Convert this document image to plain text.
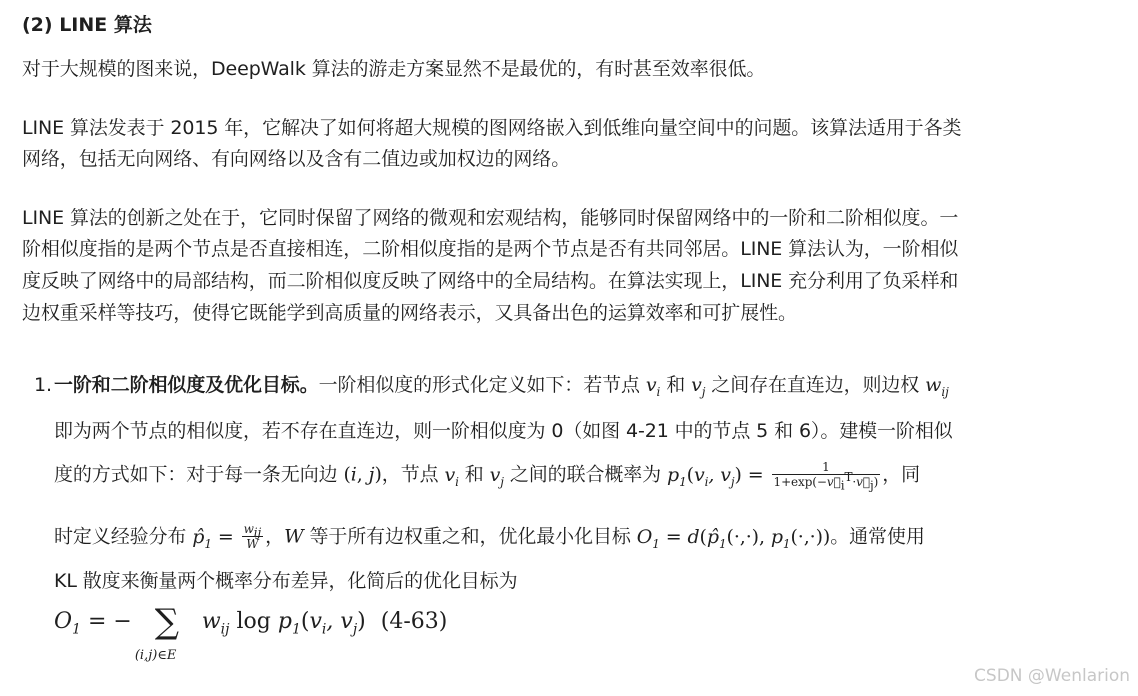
(2) LINE 算法
对于大规模的图来说，DeepWalk 算法的游走方案显然不是最优的，有时甚至效率很低。
LINE 算法发表于 2015 年，它解决了如何将超大规模的图网络嵌入到低维向量空间中的问题。该算法适用于各类
网络，包括无向网络、有向网络以及含有二值边或加权边的网络。
LINE 算法的创新之处在于，它同时保留了网络的微观和宏观结构，能够同时保留网络中的一阶和二阶相似度。一
阶相似度指的是两个节点是否直接相连，二阶相似度指的是两个节点是否有共同邻居。LINE 算法认为，一阶相似
度反映了网络中的局部结构，而二阶相似度反映了网络中的全局结构。在算法实现上，LINE 充分利用了负采样和
边权重采样等技巧，使得它既能学到高质量的网络表示，又具备出色的运算效率和可扩展性。
1. 一阶和二阶相似度及优化目标。一阶相似度的形式化定义如下：若节点 $v_i$ 和 $v_j$ 之间存在直连边，则边权 $w_{ij}$
即为两个节点的相似度，若不存在直连边，则一阶相似度为 0（如图 4-21 中的节点 5 和 6）。建模一阶相似
度的方式如下：对于每一条无向边 (i, j)，节点 $v_i$ 和 $v_j$ 之间的联合概率为 $p_1(v_i$, $v_j) = \frac{1}{1+\exp(-v⃗_i^T\cdot v⃗_j)}$ ，同
时定义经验分布 $p̂_1 = \frac{w_{ij}}{W}$ ，W 等于所有边权重之和，优化最小化目标 $O_1$ = $d(p̂_1(\cdot,\cdot)$, $p_1(\cdot,\cdot)$)。通常使用
KL 散度来衡量两个概率分布差异，化简后的优化目标为
$O_1$ = − ∑
(i,j)∈E
$w_{ij}$ $\log p_1(v_i$, $v_j$) (4-63)
CSDN @Wenlarion
